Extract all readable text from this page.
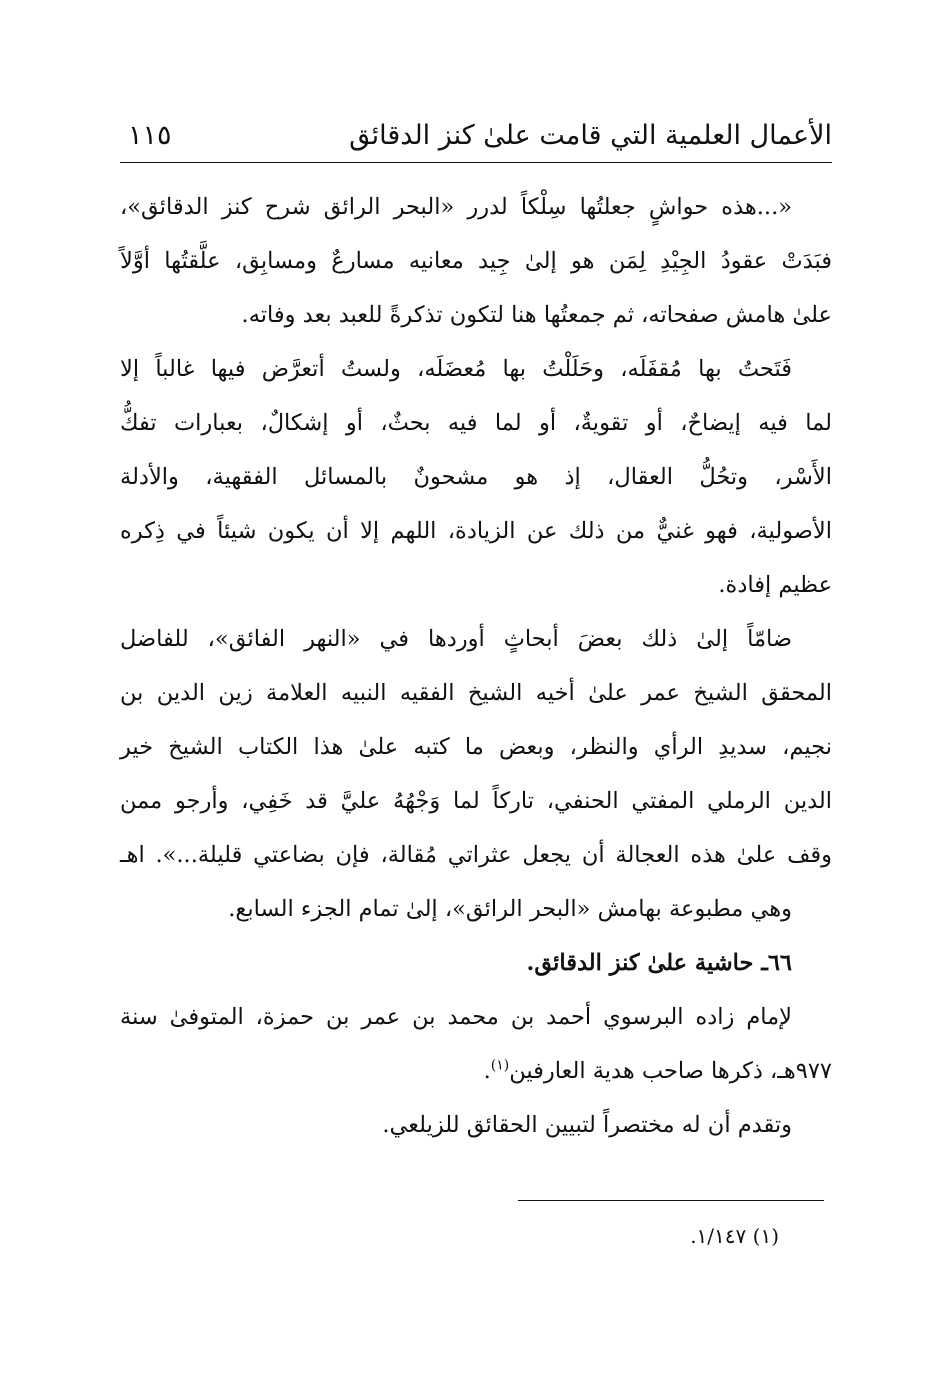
الأعمال العلمية التي قامت علىٰ كنز الدقائق
١١٥
«...هذه حواشٍ جعلتُها سِلْكاً لدرر «البحر الرائق شرح كنز الدقائق»،
فبَدَتْ عقودُ الجِيْدِ لِمَن هو إلىٰ جِيد معانيه مسارعٌ ومسابِق، علَّقتُها أوَّلاً
علىٰ هامش صفحاته، ثم جمعتُها هنا لتكون تذكرةً للعبد بعد وفاته.
فَتَحتُ بها مُقفَلَه، وحَلَلْتُ بها مُعضَلَه، ولستُ أتعرَّض فيها غالباً إلا
لما فيه إيضاحٌ، أو تقويةٌ، أو لما فيه بحثٌ، أو إشكالٌ، بعبارات تفكُّ
الأَسْر، وتحُلُّ العقال، إذ هو مشحونٌ بالمسائل الفقهية، والأدلة
الأصولية، فهو غنيٌّ من ذلك عن الزيادة، اللهم إلا أن يكون شيئاً في ذِكره
عظيم إفادة.
ضامّاً إلىٰ ذلك بعضَ أبحاثٍ أوردها في «النهر الفائق»، للفاضل
المحقق الشيخ عمر علىٰ أخيه الشيخ الفقيه النبيه العلامة زين الدين بن
نجيم، سديدِ الرأي والنظر، وبعض ما كتبه علىٰ هذا الكتاب الشيخ خير
الدين الرملي المفتي الحنفي، تاركاً لما وَجْهُهُ عليَّ قد خَفِي، وأرجو ممن
وقف علىٰ هذه العجالة أن يجعل عثراتي مُقالة، فإن بضاعتي قليلة...». اهـ
وهي مطبوعة بهامش «البحر الرائق»، إلىٰ تمام الجزء السابع.
٦٦ـ حاشية علىٰ كنز الدقائق.
لإمام زاده البرسوي أحمد بن محمد بن عمر بن حمزة، المتوفىٰ سنة
٩٧٧هـ، ذكرها صاحب هدية العارفين$^{(١)}$.
وتقدم أن له مختصراً لتبيين الحقائق للزيلعي.
(١) ١/١٤٧.
